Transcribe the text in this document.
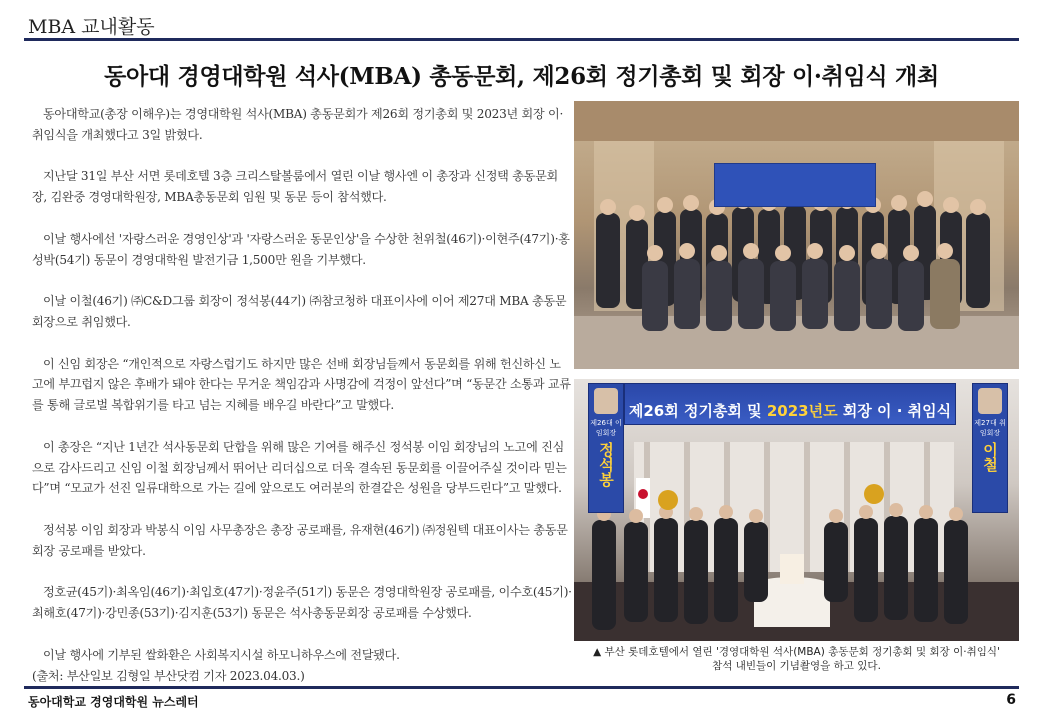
MBA 교내활동
동아대 경영대학원 석사(MBA) 총동문회, 제26회 정기총회 및 회장 이·취임식 개최

동아대학교(총장 이해우)는 경영대학원 석사(MBA) 총동문회가 제26회 정기총회 및 2023년 회장 이·취임식을 개최했다고 3일 밝혔다.

지난달 31일 부산 서면 롯데호텔 3층 크리스탈볼룸에서 열린 이날 행사엔 이 총장과 신정택 총동문회장, 김완중 경영대학원장, MBA총동문회 임원 및 동문 등이 참석했다.

이날 행사에선 '자랑스러운 경영인상'과 '자랑스러운 동문인상'을 수상한 천위철(46기)·이현주(47기)·홍성박(54기) 동문이 경영대학원 발전기금 1,500만 원을 기부했다.

이날 이철(46기) ㈜C&D그룹 회장이 정석봉(44기) ㈜참코청하 대표이사에 이어 제27대 MBA 총동문회장으로 취임했다.

이 신임 회장은 “개인적으로 자랑스럽기도 하지만 많은 선배 회장님들께서 동문회를 위해 헌신하신 노고에 부끄럽지 않은 후배가 돼야 한다는 무거운 책임감과 사명감에 걱정이 앞선다”며 “동문간 소통과 교류를 통해 글로벌 복합위기를 타고 넘는 지혜를 배우길 바란다”고 말했다.

이 총장은 “지난 1년간 석사동문회 단합을 위해 많은 기여를 해주신 정석봉 이임 회장님의 노고에 진심으로 감사드리고 신임 이철 회장님께서 뛰어난 리더십으로 더욱 결속된 동문회를 이끌어주실 것이라 믿는다”며 “모교가 선진 일류대학으로 가는 길에 앞으로도 여러분의 한결같은 성원을 당부드린다”고 말했다.

정석봉 이임 회장과 박봉식 이임 사무총장은 총장 공로패를, 유재현(46기) ㈜정원텍 대표이사는 총동문회장 공로패를 받았다.

정호균(45기)·최옥임(46기)·최입호(47기)·정윤주(51기) 동문은 경영대학원장 공로패를, 이수호(45기)·최해호(47기)·강민종(53기)·김지훈(53기) 동문은 석사총동문회장 공로패를 수상했다.

이날 행사에 기부된 쌀화환은 사회복지시설 하모니하우스에 전달됐다.

(출처: 부산일보 김형일 부산닷컴 기자 2023.04.03.)

제26대 이임회장
정석봉
제26회 정기총회 및 2023년도 회장 이 · 취임식
제27대 취임회장
이철
▲ 부산 롯데호텔에서 열린 '경영대학원 석사(MBA) 총동문회 정기총회 및 회장 이·취임식'
참석 내빈들이 기념촬영을 하고 있다.
동아대학교 경영대학원 뉴스레터	6
